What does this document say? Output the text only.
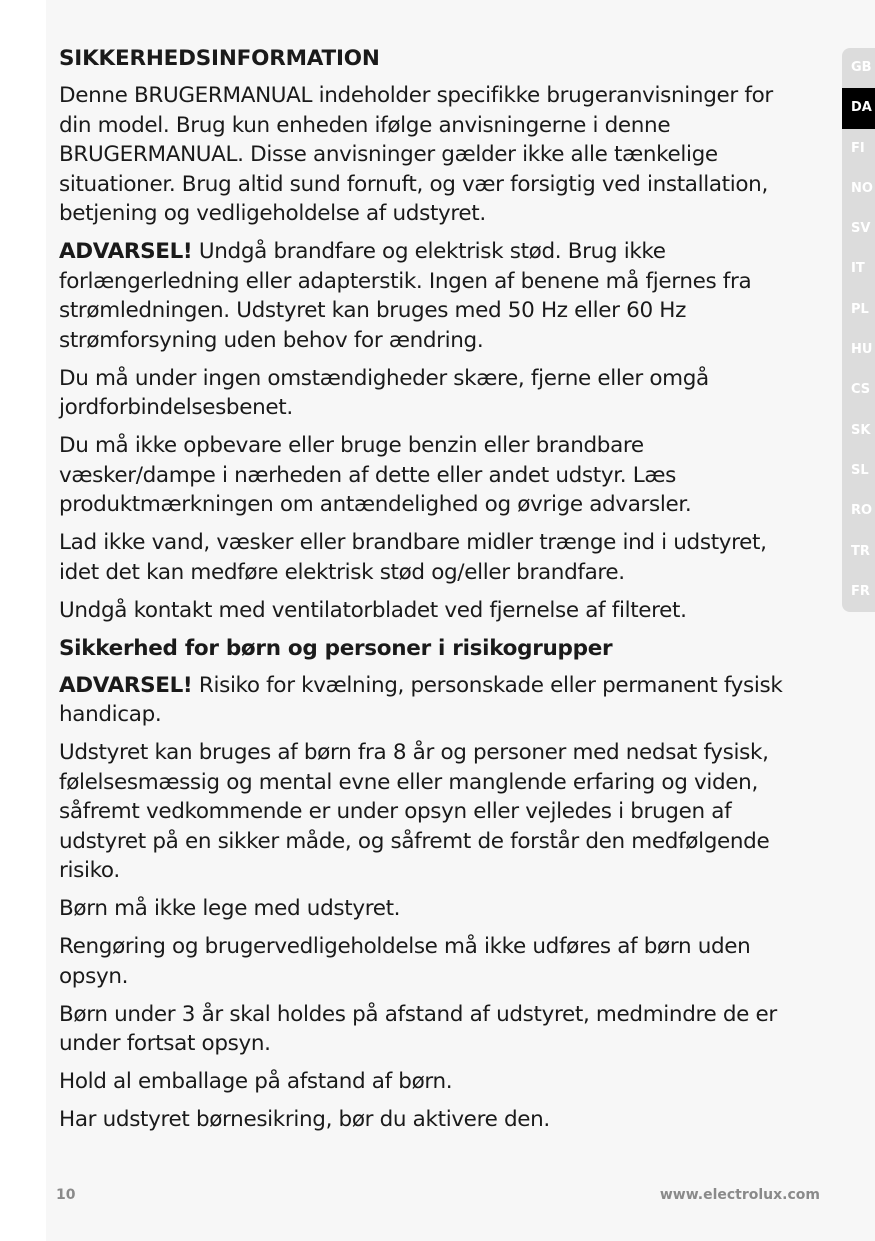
SIKKERHEDSINFORMATION

Denne BRUGERMANUAL indeholder specifikke brugeranvisninger for din model. Brug kun enheden ifølge anvisningerne i denne BRUGERMANUAL. Disse anvisninger gælder ikke alle tænkelige situationer. Brug altid sund fornuft, og vær forsigtig ved installation, betjening og vedligeholdelse af udstyret.

ADVARSEL! Undgå brandfare og elektrisk stød. Brug ikke forlængerledning eller adapterstik. Ingen af benene må fjernes fra strømledningen. Udstyret kan bruges med 50 Hz eller 60 Hz strømforsyning uden behov for ændring.

Du må under ingen omstændigheder skære, fjerne eller omgå jordforbindelsesbenet.

Du må ikke opbevare eller bruge benzin eller brandbare væsker/dampe i nærheden af dette eller andet udstyr. Læs produktmærkningen om antændelighed og øvrige advarsler.

Lad ikke vand, væsker eller brandbare midler trænge ind i udstyret, idet det kan medføre elektrisk stød og/eller brandfare.

Undgå kontakt med ventilatorbladet ved fjernelse af filteret.

Sikkerhed for børn og personer i risikogrupper

ADVARSEL! Risiko for kvælning, personskade eller permanent fysisk handicap.

Udstyret kan bruges af børn fra 8 år og personer med nedsat fysisk, følelsesmæssig og mental evne eller manglende erfaring og viden, såfremt vedkommende er under opsyn eller vejledes i brugen af udstyret på en sikker måde, og såfremt de forstår den medfølgende risiko.

Børn må ikke lege med udstyret.

Rengøring og brugervedligeholdelse må ikke udføres af børn uden opsyn.

Børn under 3 år skal holdes på afstand af udstyret, medmindre de er under fortsat opsyn.

Hold al emballage på afstand af børn.

Har udstyret børnesikring, bør du aktivere den.

GB
DA
FI
NO
SV
IT
PL
HU
CS
SK
SL
RO
TR
FR
10	www.electrolux.com
